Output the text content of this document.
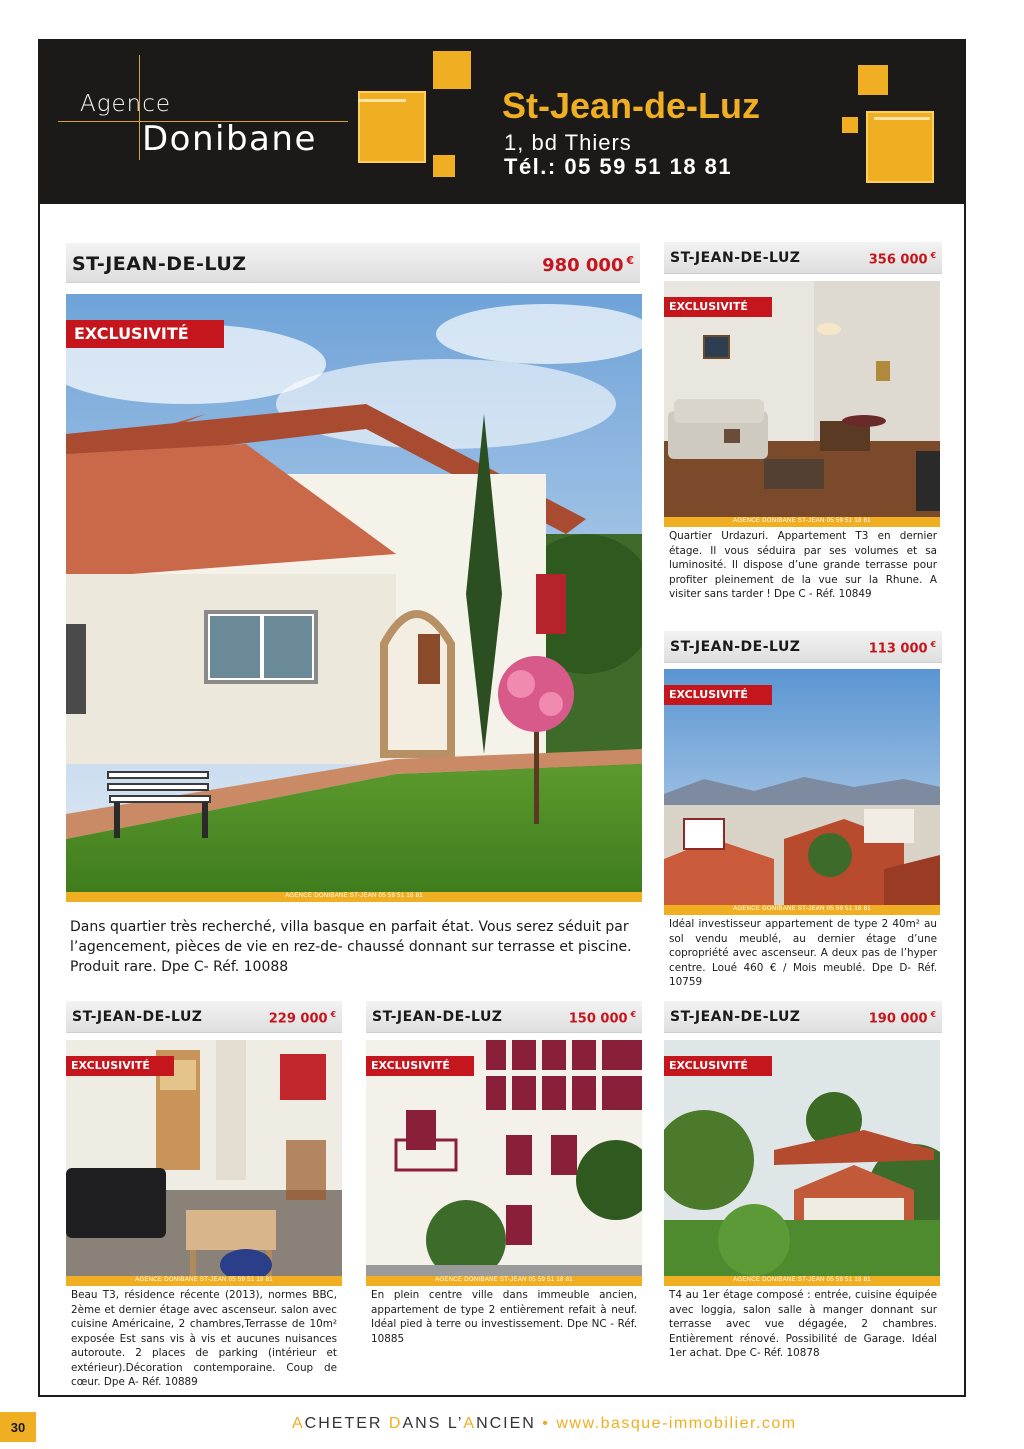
Agence
Donibane
St-Jean-de-Luz
1, bd Thiers
Tél.: 05 59 51 18 81
ST-JEAN-DE-LUZ	980 000 €
EXCLUSIVITÉ
AGENCE DONIBANE ST-JEAN 05 59 51 18 81
Dans quartier très recherché, villa basque en parfait état. Vous serez séduit par l’agencement, pièces de vie en rez-de- chaussé donnant sur terrasse et piscine. Produit rare. Dpe C- Réf. 10088
ST-JEAN-DE-LUZ	356 000 €
EXCLUSIVITÉ
AGENCE DONIBANE ST-JEAN 05 59 51 18 81
Quartier Urdazuri. Appartement T3 en dernier étage. Il vous séduira par ses volumes et sa luminosité. Il dispose d’une grande terrasse pour profiter pleinement de la vue sur la Rhune. A visiter sans tarder ! Dpe C - Réf. 10849
ST-JEAN-DE-LUZ	113 000 €
EXCLUSIVITÉ
AGENCE DONIBANE ST-JEAN 05 59 51 18 81
Idéal investisseur appartement de type 2 40m² au sol vendu meublé, au dernier étage d’une copropriété avec ascenseur. A deux pas de l’hyper centre. Loué 460 € / Mois meublé. Dpe D- Réf. 10759
ST-JEAN-DE-LUZ	229 000 €
EXCLUSIVITÉ
AGENCE DONIBANE ST-JEAN 05 59 51 18 81
Beau T3, résidence récente (2013), normes BBC, 2ème et dernier étage avec ascenseur. salon avec cuisine Américaine, 2 chambres,Terrasse de 10m² exposée Est sans vis à vis et aucunes nuisances autoroute. 2 places de parking (intérieur et extérieur).Décoration contemporaine. Coup de cœur. Dpe A- Réf. 10889
ST-JEAN-DE-LUZ	150 000 €
EXCLUSIVITÉ
AGENCE DONIBANE ST-JEAN 05 59 51 18 81
En plein centre ville dans immeuble ancien, appartement de type 2 entièrement refait à neuf. Idéal pied à terre ou investissement. Dpe NC - Réf. 10885
ST-JEAN-DE-LUZ	190 000 €
EXCLUSIVITÉ
AGENCE DONIBANE ST-JEAN 05 59 51 18 81
T4 au 1er étage composé : entrée, cuisine équipée avec loggia, salon salle à manger donnant sur terrasse avec vue dégagée, 2 chambres. Entièrement rénové. Possibilité de Garage. Idéal 1er achat. Dpe C- Réf. 10878
30	ACHETER DANS L’ANCIEN • www.basque-immobilier.com
